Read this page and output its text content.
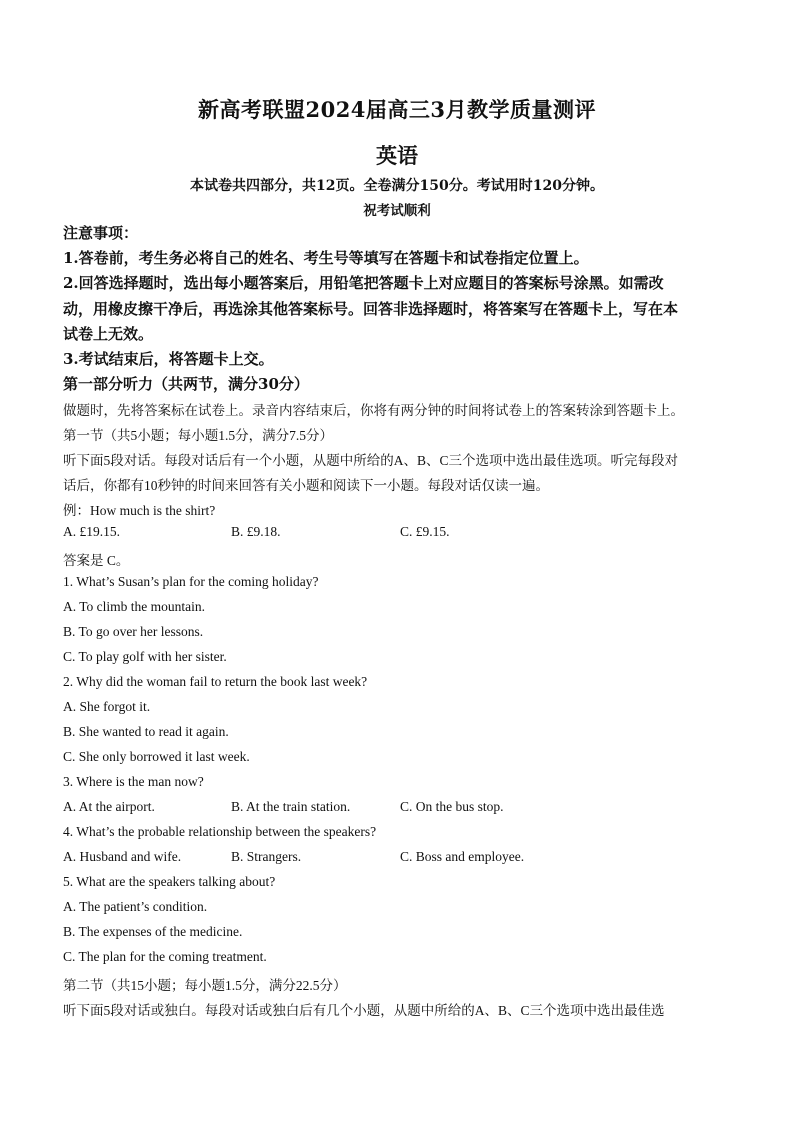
新高考联盟2024届高三3月教学质量测评
英语
本试卷共四部分，共12页。全卷满分150分。考试用时120分钟。
祝考试顺利
注意事项：
1.答卷前，考生务必将自己的姓名、考生号等填写在答题卡和试卷指定位置上。
2.回答选择题时，选出每小题答案后，用铅笔把答题卡上对应题目的答案标号涂黑。如需改
动，用橡皮擦干净后，再选涂其他答案标号。回答非选择题时，将答案写在答题卡上，写在本
试卷上无效。
3.考试结束后，将答题卡上交。
第一部分听力（共两节，满分30分）
做题时，先将答案标在试卷上。录音内容结束后，你将有两分钟的时间将试卷上的答案转涂到答题卡上。
第一节（共5小题；每小题1.5分，满分7.5分）
听下面5段对话。每段对话后有一个小题，从题中所给的A、B、C三个选项中选出最佳选项。听完每段对
话后，你都有10秒钟的时间来回答有关小题和阅读下一小题。每段对话仅读一遍。
例：How much is the shirt?
A. £19.15.	B. £9.18.	C. £9.15.
答案是 C。
1. What’s Susan’s plan for the coming holiday?
A. To climb the mountain.
B. To go over her lessons.
C. To play golf with her sister.
2. Why did the woman fail to return the book last week?
A. She forgot it.
B. She wanted to read it again.
C. She only borrowed it last week.
3. Where is the man now?
A. At the airport.	B. At the train station.	C. On the bus stop.
4. What’s the probable relationship between the speakers?
A. Husband and wife.	B. Strangers.	C. Boss and employee.
5. What are the speakers talking about?
A. The patient’s condition.
B. The expenses of the medicine.
C. The plan for the coming treatment.
第二节（共15小题；每小题1.5分，满分22.5分）
听下面5段对话或独白。每段对话或独白后有几个小题，从题中所给的A、B、C三个选项中选出最佳选
